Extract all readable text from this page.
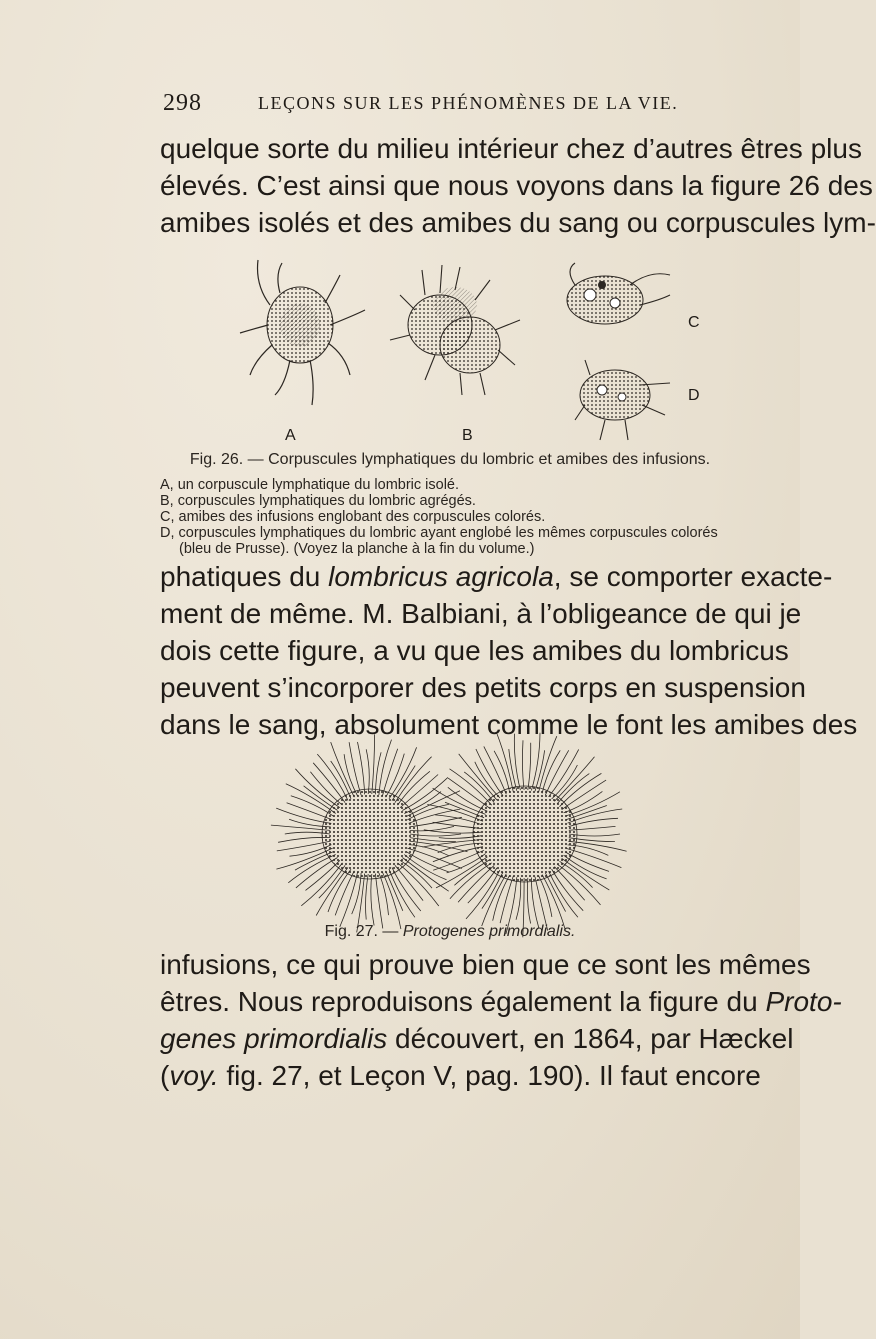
298	LEÇONS SUR LES PHÉNOMÈNES DE LA VIE.
quelque sorte du milieu intérieur chez d’autres êtres plus
élevés. C’est ainsi que nous voyons dans la figure 26 des
amibes isolés et des amibes du sang ou corpuscules lym-
A	B
C
D
Fig. 26. — Corpuscules lymphatiques du lombric et amibes des infusions.
A, un corpuscule lymphatique du lombric isolé.
B, corpuscules lymphatiques du lombric agrégés.
C, amibes des infusions englobant des corpuscules colorés.
D, corpuscules lymphatiques du lombric ayant englobé les mêmes corpuscules colorés
(bleu de Prusse). (Voyez la planche à la fin du volume.)
phatiques du lombricus agricola, se comporter exacte-
ment de même. M. Balbiani, à l’obligeance de qui je
dois cette figure, a vu que les amibes du lombricus
peuvent s’incorporer des petits corps en suspension
dans le sang, absolument comme le font les amibes des
Fig. 27. — Protogenes primordialis.
infusions, ce qui prouve bien que ce sont les mêmes
êtres. Nous reproduisons également la figure du Proto-
genes primordialis découvert, en 1864, par Hæckel
(voy. fig. 27, et Leçon V, pag. 190). Il faut encore
